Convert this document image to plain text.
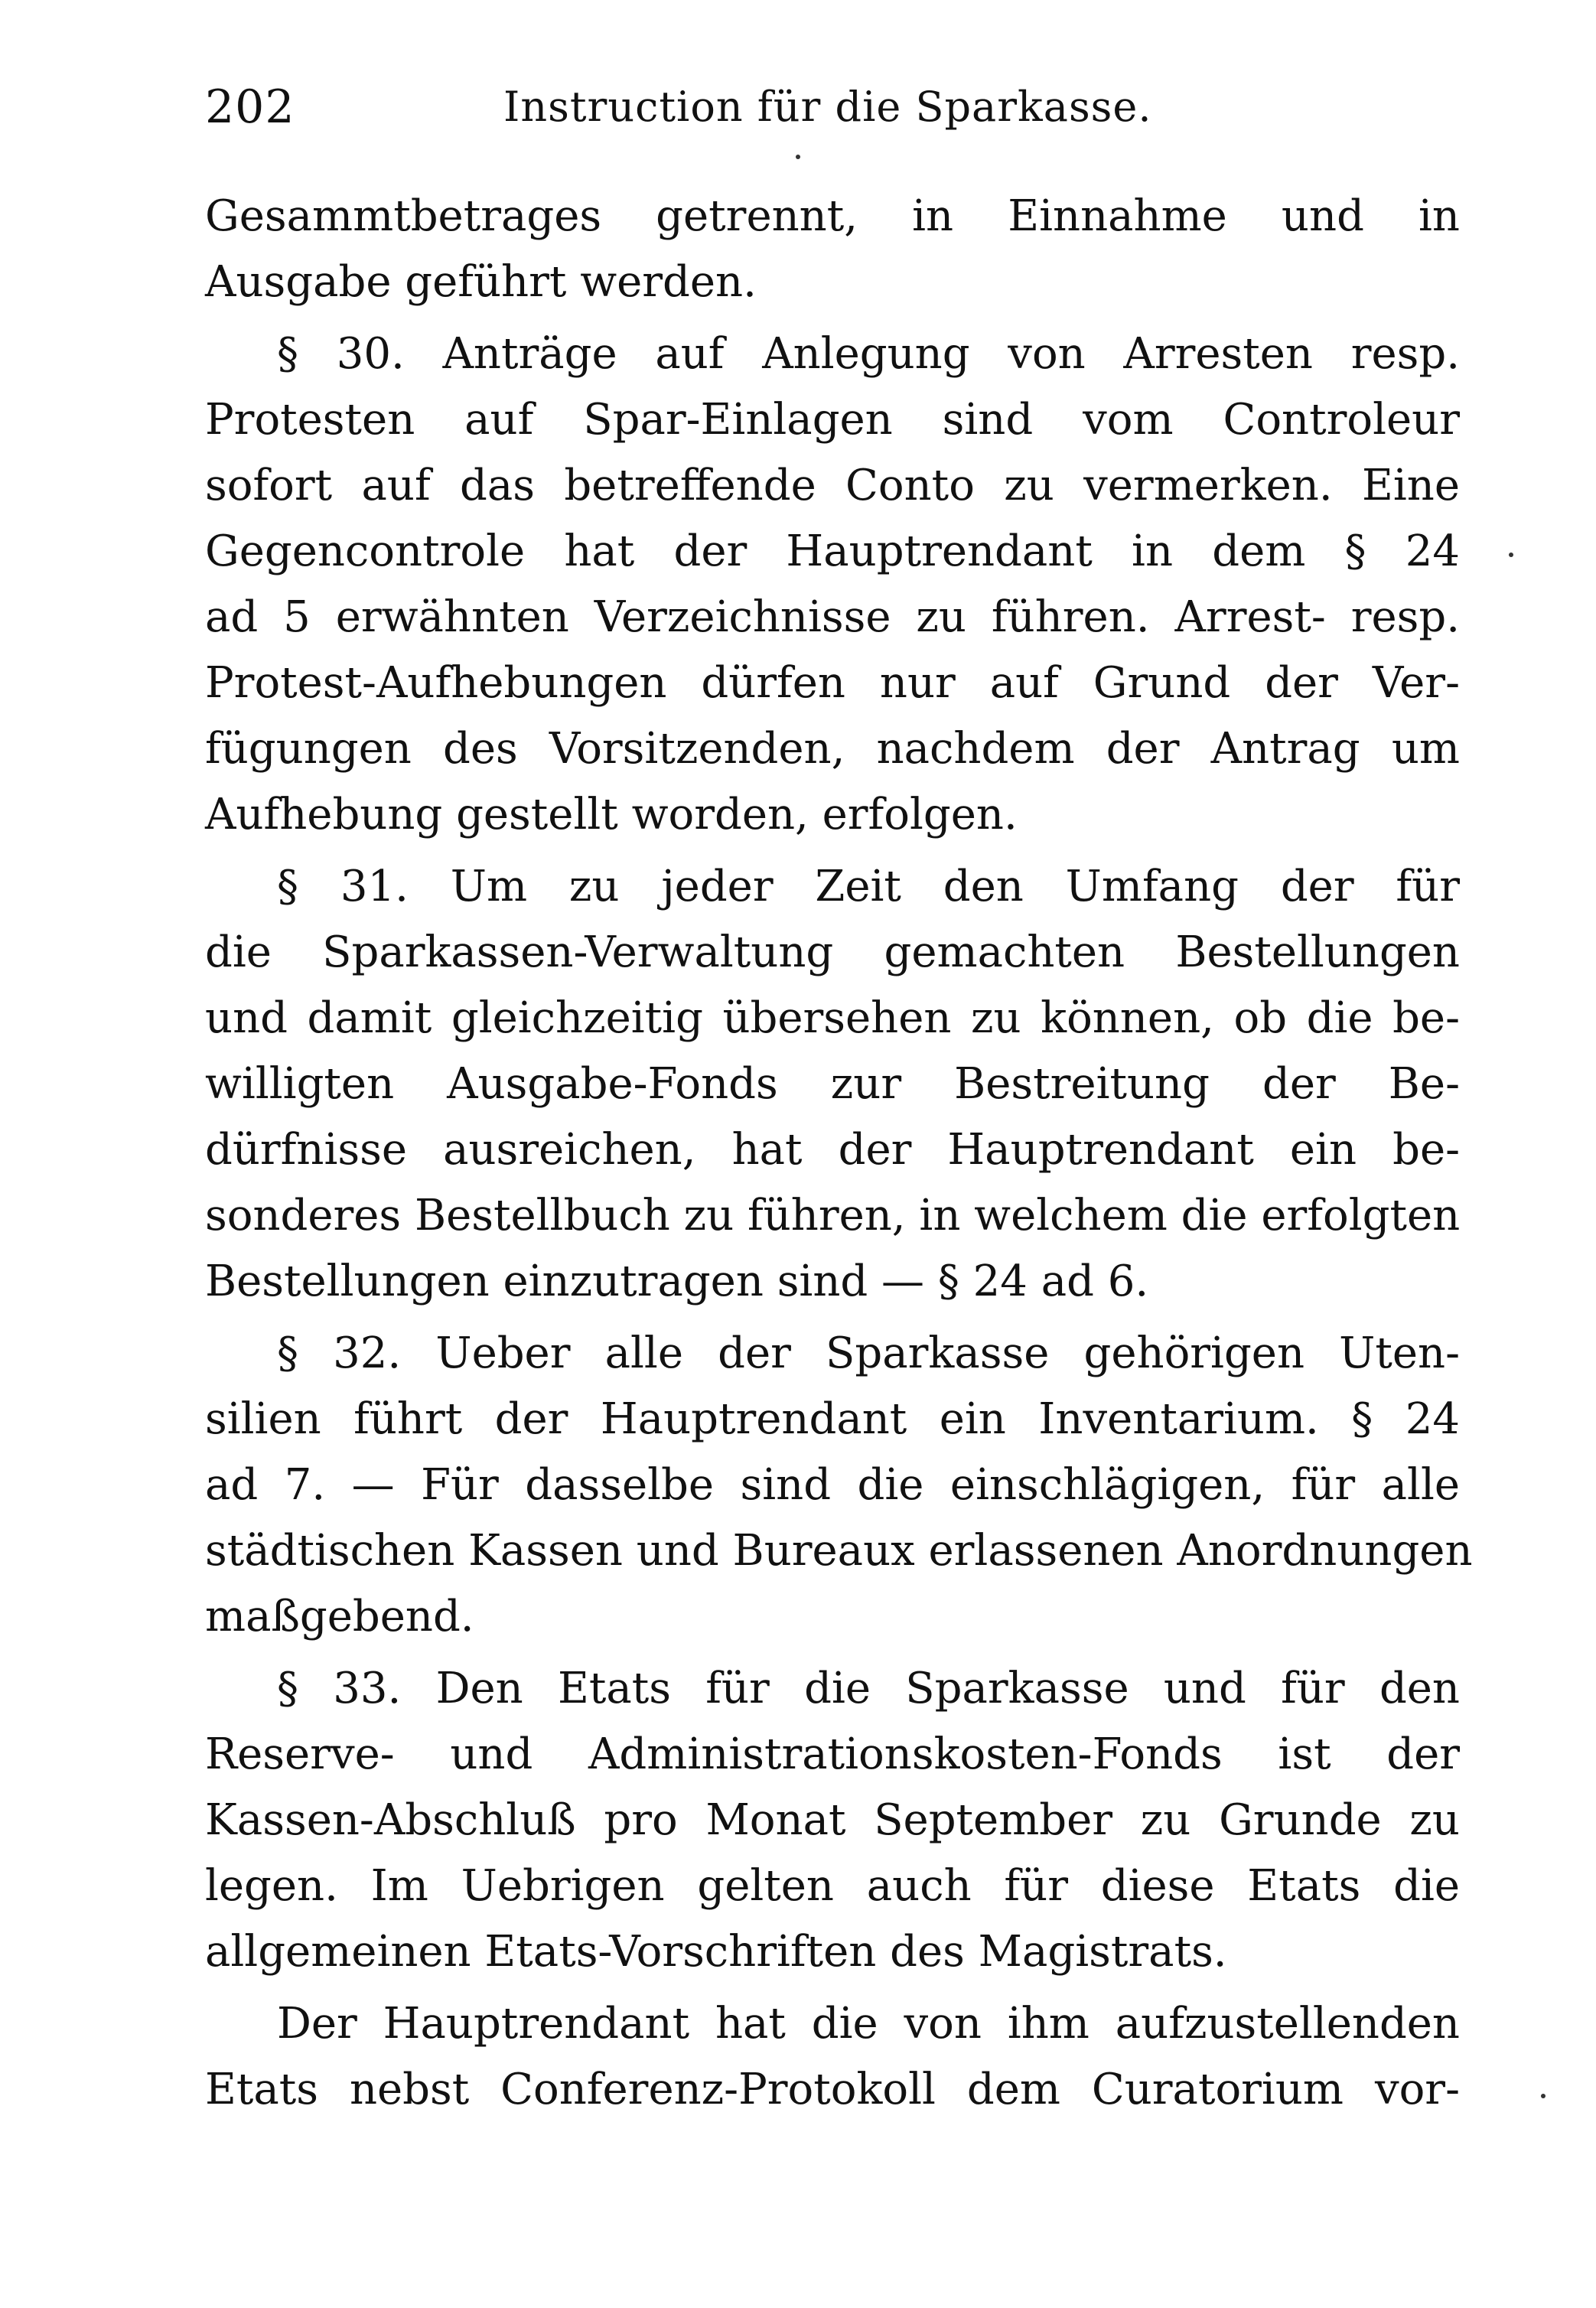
202	Instruction für die Sparkasse.
Gesammtbetrages getrennt, in Einnahme und in
Ausgabe geführt werden.
§ 30. Anträge auf Anlegung von Arresten resp.
Protesten auf Spar-Einlagen sind vom Controleur
sofort auf das betreffende Conto zu vermerken. Eine
Gegencontrole hat der Hauptrendant in dem § 24
ad 5 erwähnten Verzeichnisse zu führen. Arrest- resp.
Protest-Aufhebungen dürfen nur auf Grund der Ver-
fügungen des Vorsitzenden, nachdem der Antrag um
Aufhebung gestellt worden, erfolgen.
§ 31. Um zu jeder Zeit den Umfang der für
die Sparkassen-Verwaltung gemachten Bestellungen
und damit gleichzeitig übersehen zu können, ob die be-
willigten Ausgabe-Fonds zur Bestreitung der Be-
dürfnisse ausreichen, hat der Hauptrendant ein be-
sonderes Bestellbuch zu führen, in welchem die erfolgten
Bestellungen einzutragen sind — § 24 ad 6.
§ 32. Ueber alle der Sparkasse gehörigen Uten-
silien führt der Hauptrendant ein Inventarium. § 24
ad 7. — Für dasselbe sind die einschlägigen, für alle
städtischen Kassen und Bureaux erlassenen Anordnungen
maßgebend.
§ 33. Den Etats für die Sparkasse und für den
Reserve- und Administrationskosten-Fonds ist der
Kassen-Abschluß pro Monat September zu Grunde zu
legen. Im Uebrigen gelten auch für diese Etats die
allgemeinen Etats-Vorschriften des Magistrats.
Der Hauptrendant hat die von ihm aufzustellenden
Etats nebst Conferenz-Protokoll dem Curatorium vor-
